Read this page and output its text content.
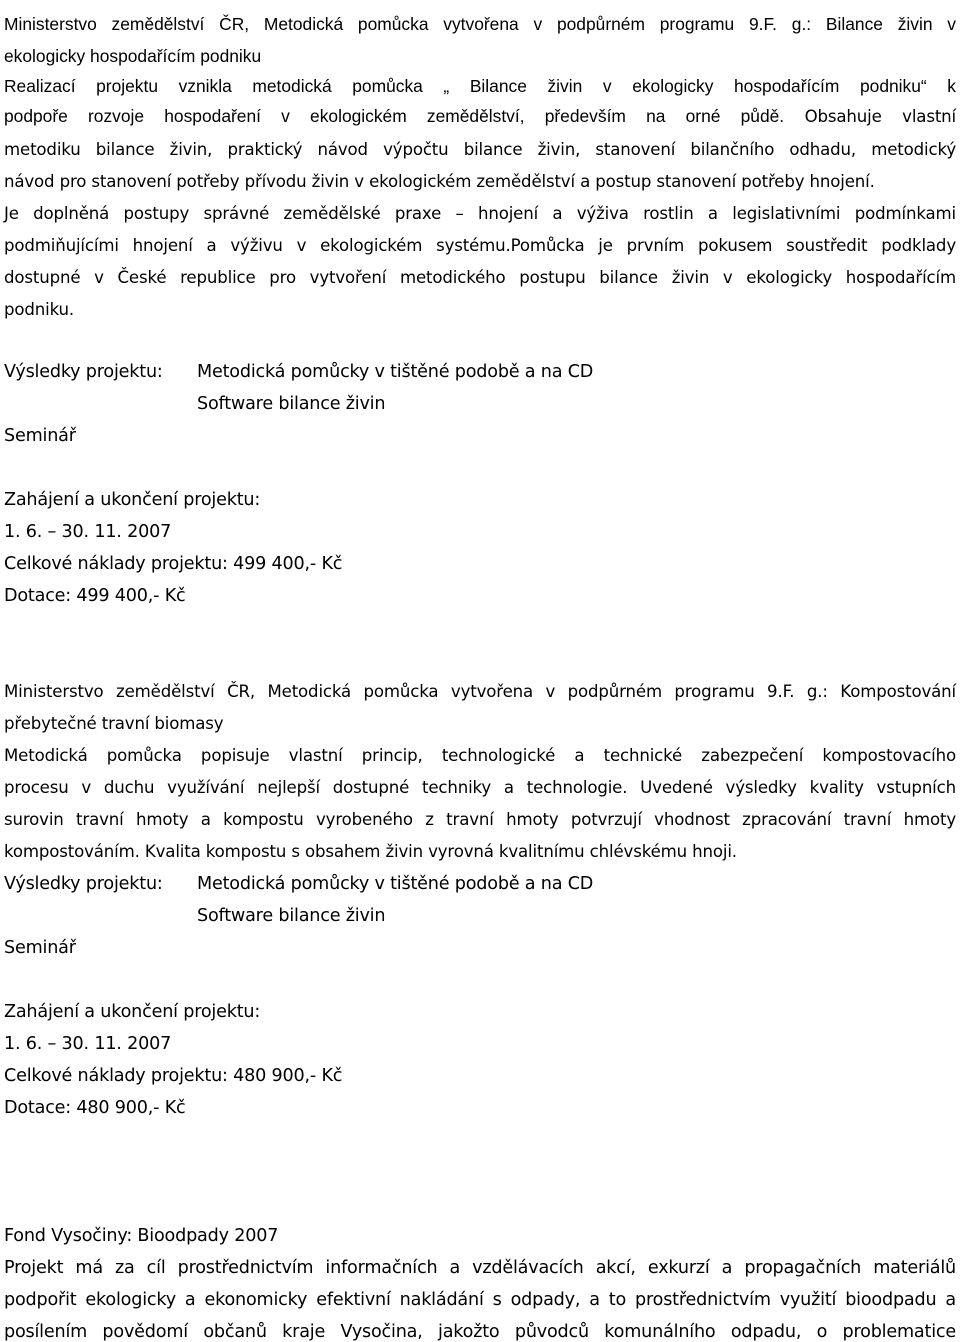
Ministerstvo zemědělství ČR, Metodická pomůcka vytvořena v podpůrném programu 9.F. g.: Bilance živin v
ekologicky hospodařícím podniku
Realizací projektu vznikla metodická pomůcka „ Bilance živin v ekologicky hospodařícím podniku“ k
podpoře rozvoje hospodaření v ekologickém zemědělství, především na orné půdě. Obsahuje vlastní
metodiku bilance živin, praktický návod výpočtu bilance živin, stanovení bilančního odhadu, metodický
návod pro stanovení potřeby přívodu živin v ekologickém zemědělství a postup stanovení potřeby hnojení.
Je doplněná postupy správné zemědělské praxe – hnojení a výživa rostlin a legislativními podmínkami
podmiňujícími hnojení a výživu v ekologickém systému.Pomůcka je prvním pokusem soustředit podklady
dostupné v České republice pro vytvoření metodického postupu bilance živin v ekologicky hospodařícím
podniku.
Výsledky projektu: Metodická pomůcky v tištěné podobě a na CD
Software bilance živin
Seminář
Zahájení a ukončení projektu:
1. 6. – 30. 11. 2007
Celkové náklady projektu: 499 400,- Kč
Dotace: 499 400,- Kč
Ministerstvo zemědělství ČR, Metodická pomůcka vytvořena v podpůrném programu 9.F. g.: Kompostování
přebytečné travní biomasy
Metodická pomůcka popisuje vlastní princip, technologické a technické zabezpečení kompostovacího
procesu v duchu využívání nejlepší dostupné techniky a technologie. Uvedené výsledky kvality vstupních
surovin travní hmoty a kompostu vyrobeného z travní hmoty potvrzují vhodnost zpracování travní hmoty
kompostováním. Kvalita kompostu s obsahem živin vyrovná kvalitnímu chlévskému hnoji.
Výsledky projektu: Metodická pomůcky v tištěné podobě a na CD
Software bilance živin
Seminář
Zahájení a ukončení projektu:
1. 6. – 30. 11. 2007
Celkové náklady projektu: 480 900,- Kč
Dotace: 480 900,- Kč
Fond Vysočiny: Bioodpady 2007
Projekt má za cíl prostřednictvím informačních a vzdělávacích akcí, exkurzí a propagačních materiálů
podpořit ekologicky a ekonomicky efektivní nakládání s odpady, a to prostřednictvím využití bioodpadu a
posílením povědomí občanů kraje Vysočina, jakožto původců komunálního odpadu, o problematice
